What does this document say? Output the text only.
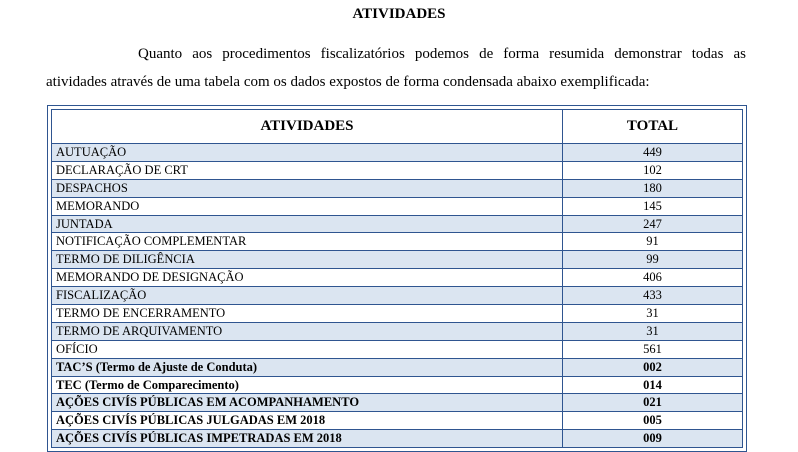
ATIVIDADES
Quanto aos procedimentos fiscalizatórios podemos de forma resumida demonstrar todas as atividades através de uma tabela com os dados expostos de forma condensada abaixo exemplificada:
ATIVIDADES	TOTAL
AUTUAÇÃO	449
DECLARAÇÃO DE CRT	102
DESPACHOS	180
MEMORANDO	145
JUNTADA	247
NOTIFICAÇÃO COMPLEMENTAR	91
TERMO DE DILIGÊNCIA	99
MEMORANDO DE DESIGNAÇÃO	406
FISCALIZAÇÃO	433
TERMO DE ENCERRAMENTO	31
TERMO DE ARQUIVAMENTO	31
OFÍCIO	561
TAC’S (Termo de Ajuste de Conduta)	002
TEC (Termo de Comparecimento)	014
AÇÕES CIVÍS PÚBLICAS EM ACOMPANHAMENTO	021
AÇÕES CIVÍS PÚBLICAS JULGADAS EM 2018	005
AÇÕES CIVÍS PÚBLICAS IMPETRADAS EM 2018	009
